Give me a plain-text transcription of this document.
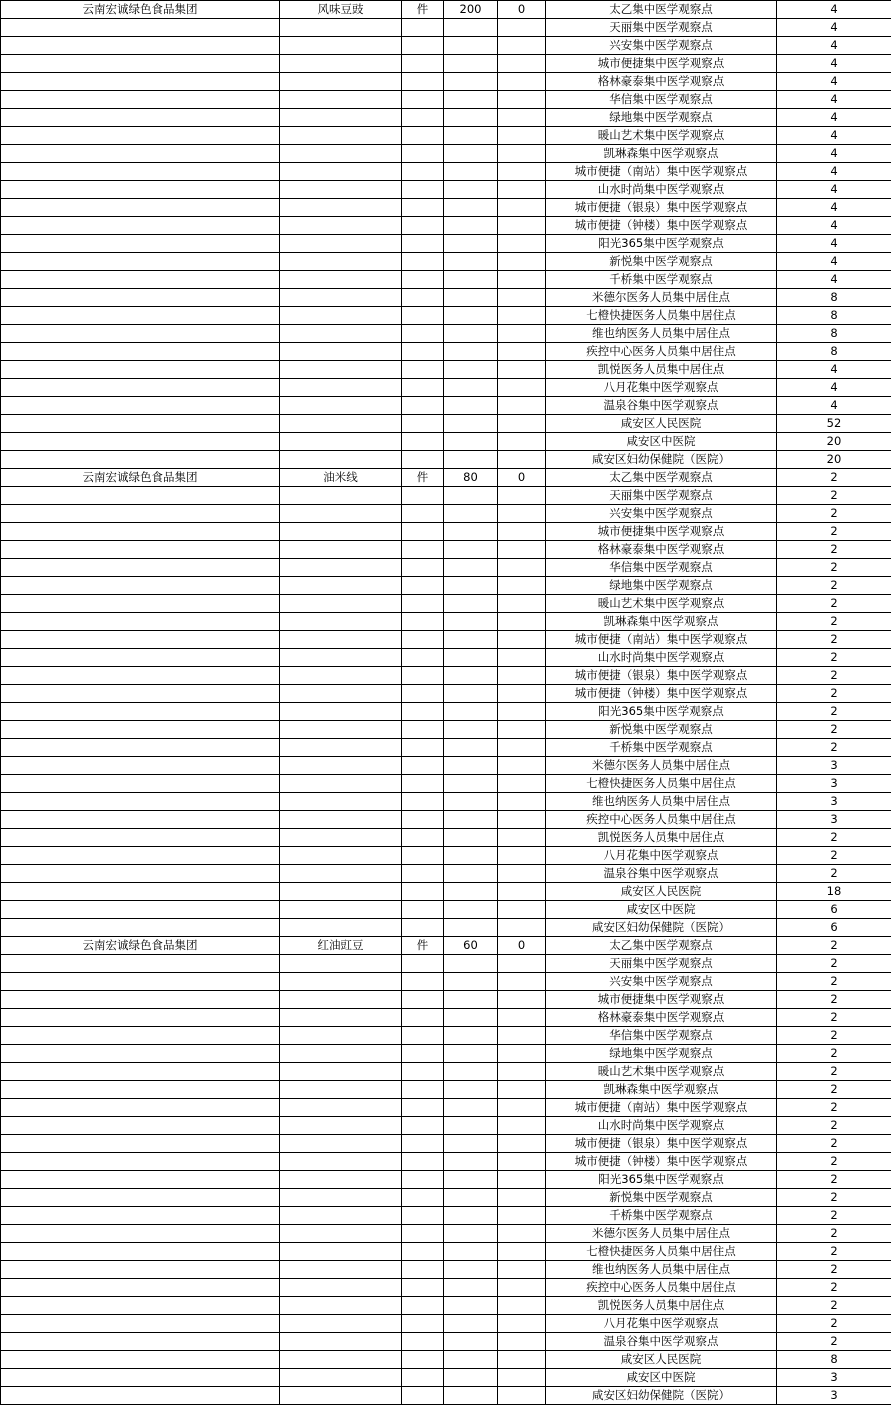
云南宏诚绿色食品集团	风味豆豉	件	200	0	太乙集中医学观察点	4
					天丽集中医学观察点	4
					兴安集中医学观察点	4
					城市便捷集中医学观察点	4
					格林豪泰集中医学观察点	4
					华信集中医学观察点	4
					绿地集中医学观察点	4
					暖山艺术集中医学观察点	4
					凯琳森集中医学观察点	4
					城市便捷（南站）集中医学观察点	4
					山水时尚集中医学观察点	4
					城市便捷（银泉）集中医学观察点	4
					城市便捷（钟楼）集中医学观察点	4
					阳光365集中医学观察点	4
					新悦集中医学观察点	4
					千桥集中医学观察点	4
					米德尔医务人员集中居住点	8
					七橙快捷医务人员集中居住点	8
					维也纳医务人员集中居住点	8
					疾控中心医务人员集中居住点	8
					凯悦医务人员集中居住点	4
					八月花集中医学观察点	4
					温泉谷集中医学观察点	4
					咸安区人民医院	52
					咸安区中医院	20
					咸安区妇幼保健院（医院）	20
云南宏诚绿色食品集团	油米线	件	80	0	太乙集中医学观察点	2
					天丽集中医学观察点	2
					兴安集中医学观察点	2
					城市便捷集中医学观察点	2
					格林豪泰集中医学观察点	2
					华信集中医学观察点	2
					绿地集中医学观察点	2
					暖山艺术集中医学观察点	2
					凯琳森集中医学观察点	2
					城市便捷（南站）集中医学观察点	2
					山水时尚集中医学观察点	2
					城市便捷（银泉）集中医学观察点	2
					城市便捷（钟楼）集中医学观察点	2
					阳光365集中医学观察点	2
					新悦集中医学观察点	2
					千桥集中医学观察点	2
					米德尔医务人员集中居住点	3
					七橙快捷医务人员集中居住点	3
					维也纳医务人员集中居住点	3
					疾控中心医务人员集中居住点	3
					凯悦医务人员集中居住点	2
					八月花集中医学观察点	2
					温泉谷集中医学观察点	2
					咸安区人民医院	18
					咸安区中医院	6
					咸安区妇幼保健院（医院）	6
云南宏诚绿色食品集团	红油豇豆	件	60	0	太乙集中医学观察点	2
					天丽集中医学观察点	2
					兴安集中医学观察点	2
					城市便捷集中医学观察点	2
					格林豪泰集中医学观察点	2
					华信集中医学观察点	2
					绿地集中医学观察点	2
					暖山艺术集中医学观察点	2
					凯琳森集中医学观察点	2
					城市便捷（南站）集中医学观察点	2
					山水时尚集中医学观察点	2
					城市便捷（银泉）集中医学观察点	2
					城市便捷（钟楼）集中医学观察点	2
					阳光365集中医学观察点	2
					新悦集中医学观察点	2
					千桥集中医学观察点	2
					米德尔医务人员集中居住点	2
					七橙快捷医务人员集中居住点	2
					维也纳医务人员集中居住点	2
					疾控中心医务人员集中居住点	2
					凯悦医务人员集中居住点	2
					八月花集中医学观察点	2
					温泉谷集中医学观察点	2
					咸安区人民医院	8
					咸安区中医院	3
					咸安区妇幼保健院（医院）	3
